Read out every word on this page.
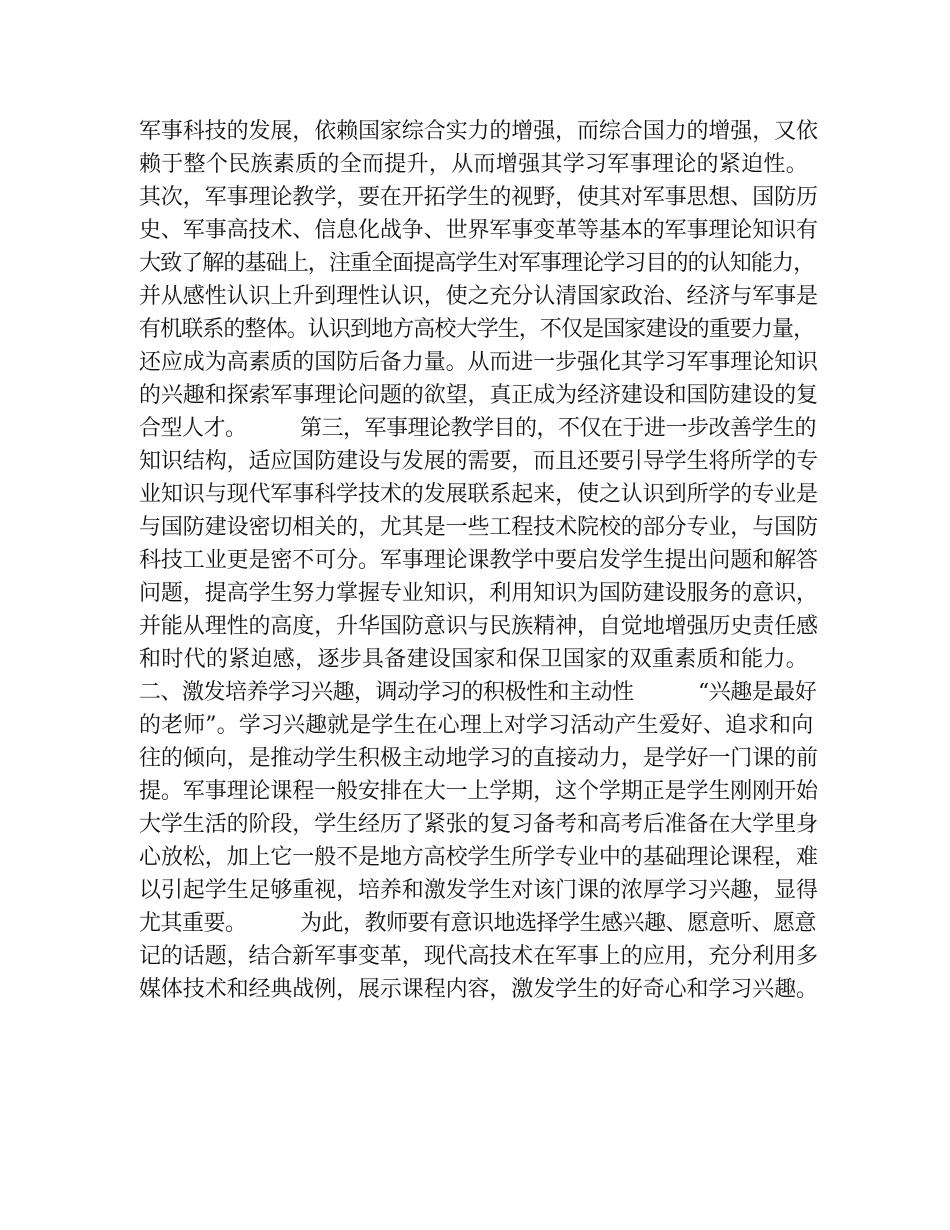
军事科技的发展，依赖国家综合实力的增强，而综合国力的增强，又依
赖于整个民族素质的全而提升，从而增强其学习军事理论的紧迫性。
其次，军事理论教学，要在开拓学生的视野，使其对军事思想、国防历
史、军事高技术、信息化战争、世界军事变革等基本的军事理论知识有
大致了解的基础上，注重全面提高学生对军事理论学习目的的认知能力，
并从感性认识上升到理性认识，使之充分认清国家政治、经济与军事是
有机联系的整体。认识到地方高校大学生，不仅是国家建设的重要力量，
还应成为高素质的国防后备力量。从而进一步强化其学习军事理论知识
的兴趣和探索军事理论问题的欲望，真正成为经济建设和国防建设的复
合型人才。　　　第三，军事理论教学目的，不仅在于进一步改善学生的
知识结构，适应国防建设与发展的需要，而且还要引导学生将所学的专
业知识与现代军事科学技术的发展联系起来，使之认识到所学的专业是
与国防建设密切相关的，尤其是一些工程技术院校的部分专业，与国防
科技工业更是密不可分。军事理论课教学中要启发学生提出问题和解答
问题，提高学生努力掌握专业知识，利用知识为国防建设服务的意识，
并能从理性的高度，升华国防意识与民族精神，自觉地增强历史责任感
和时代的紧迫感，逐步具备建设国家和保卫国家的双重素质和能力。
二、激发培养学习兴趣，调动学习的积极性和主动性　　　“兴趣是最好
的老师”。学习兴趣就是学生在心理上对学习活动产生爱好、追求和向
往的倾向，是推动学生积极主动地学习的直接动力，是学好一门课的前
提。军事理论课程一般安排在大一上学期，这个学期正是学生刚刚开始
大学生活的阶段，学生经历了紧张的复习备考和高考后准备在大学里身
心放松，加上它一般不是地方高校学生所学专业中的基础理论课程，难
以引起学生足够重视，培养和激发学生对该门课的浓厚学习兴趣，显得
尤其重要。　　　为此，教师要有意识地选择学生感兴趣、愿意听、愿意
记的话题，结合新军事变革，现代高技术在军事上的应用，充分利用多
媒体技术和经典战例，展示课程内容，激发学生的好奇心和学习兴趣。
